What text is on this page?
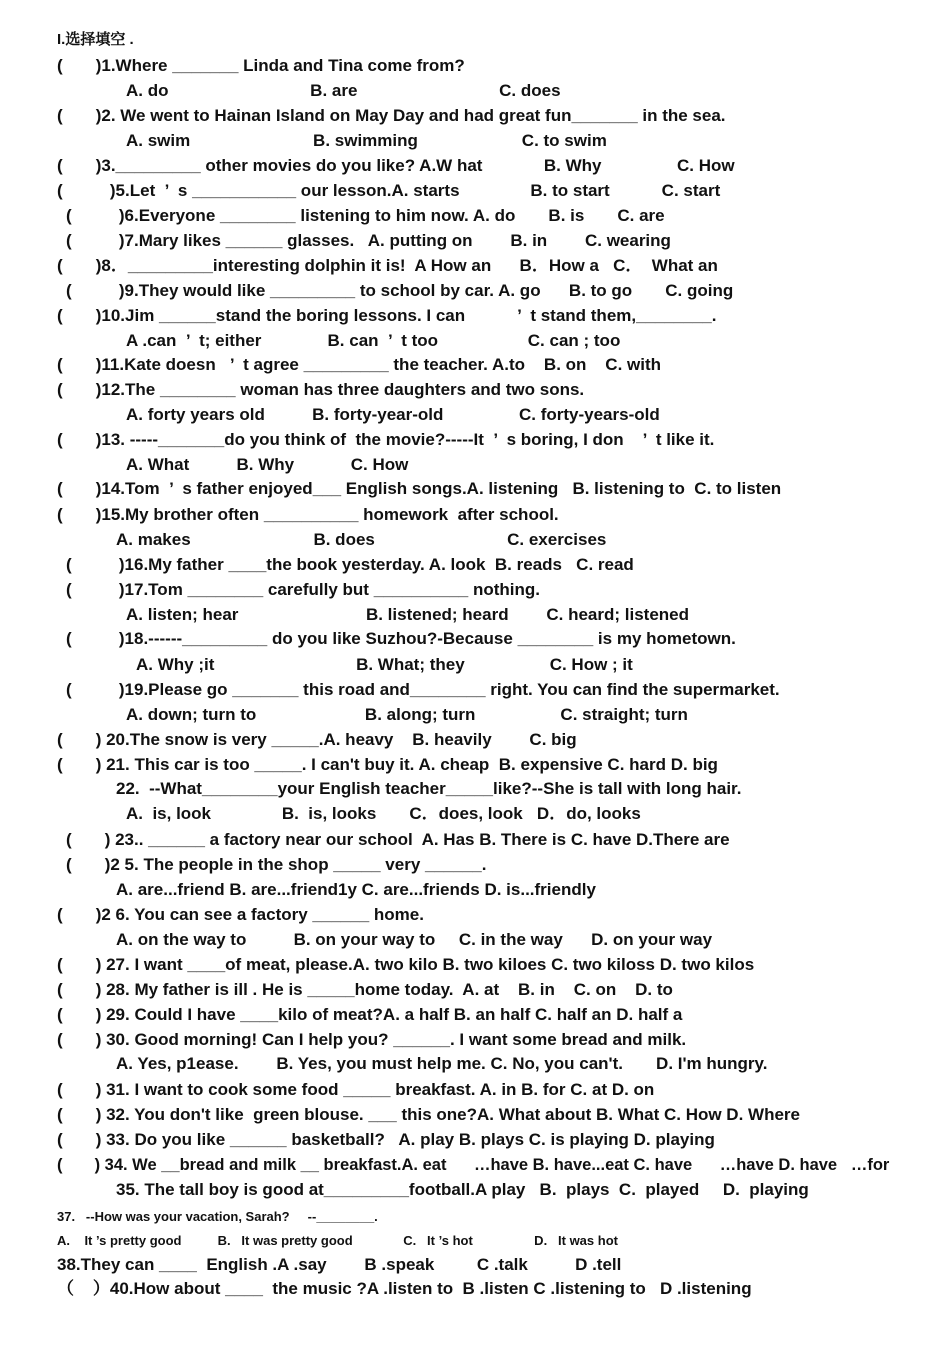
I.选择填空 .
(       )1.Where _______ Linda and Tina come from?
A. do                              B. are                              C. does
(       )2. We went to Hainan Island on May Day and had great fun_______ in the sea.
A. swim                          B. swimming                      C. to swim
(       )3._________ other movies do you like? A.W hat             B. Why                C. How
(          )5.Let  ’  s ___________ our lesson.A. starts               B. to start           C. start
(          )6.Everyone ________ listening to him now. A. do       B. is       C. are
(          )7.Mary likes ______ glasses.   A. putting on        B. in        C. wearing
(       )8．_________interesting dolphin it is!  A How an      B．How a   C．  What an
(          )9.They would like _________ to school by car. A. go      B. to go       C. going
(       )10.Jim ______stand the boring lessons. I can           ’  t stand them,________.
A .can  ’  t; either              B. can  ’  t too                   C. can ; too
(       )11.Kate doesn   ’  t agree _________ the teacher. A.to    B. on    C. with
(       )12.The ________ woman has three daughters and two sons.
A. forty years old          B. forty-year-old                C. forty-years-old
(       )13. -----_______do you think of  the movie?-----It  ’  s boring, I don    ’  t like it.
A. What          B. Why            C. How
(       )14.Tom  ’  s father enjoyed___ English songs.A. listening   B. listening to  C. to listen
(       )15.My brother often __________ homework  after school.
A. makes                          B. does                            C. exercises
(          )16.My father ____the book yesterday. A. look  B. reads   C. read
(          )17.Tom ________ carefully but __________ nothing.
A. listen; hear                           B. listened; heard        C. heard; listened
(          )18.------_________ do you like Suzhou?-Because ________ is my hometown.
A. Why ;it                              B. What; they                  C. How ; it
(          )19.Please go _______ this road and________ right. You can find the supermarket.
A. down; turn to                       B. along; turn                  C. straight; turn
(       ) 20.The snow is very _____.A. heavy    B. heavily        C. big
(       ) 21. This car is too _____. I can't buy it. A. cheap  B. expensive C. hard D. big
22.  --What________your English teacher_____like?--She is tall with long hair.
A.  is, look               B.  is, looks       C．does, look   D．do, looks
(       ) 23.. ______ a factory near our school  A. Has B. There is C. have D.There are
(       )2 5. The people in the shop _____ very ______.
A. are...friend B. are...friend1y C. are...friends D. is...friendly
(       )2 6. You can see a factory ______ home.
A. on the way to          B. on your way to     C. in the way      D. on your way
(       ) 27. I want ____of meat, please.A. two kilo B. two kiloes C. two kiloss D. two kilos
(       ) 28. My father is ill . He is _____home today.  A. at    B. in    C. on    D. to
(       ) 29. Could I have ____kilo of meat?A. a half B. an half C. half an D. half a
(       ) 30. Good morning! Can I help you? ______. I want some bread and milk.
A. Yes, p1ease.        B. Yes, you must help me. C. No, you can't.       D. I'm hungry.
(       ) 31. I want to cook some food _____ breakfast. A. in B. for C. at D. on
(       ) 32. You don't like  green blouse. ___ this one?A. What about B. What C. How D. Where
(       ) 33. Do you like ______ basketball?   A. play B. plays C. is playing D. playing
(       ) 34. We __bread and milk __ breakfast.A. eat      …have B. have...eat C. have      …have D. have   …for
35. The tall boy is good at_________football.A play   B.  plays  C.  played     D.  playing
37.   --How was your vacation, Sarah?     --________.
A.    It ’s pretty good          B.   It was pretty good              C.   It ’s hot                 D.   It was hot
38.They can ____  English .A .say        B .speak         C .talk          D .tell
（    ）40.How about ____  the music ?A .listen to  B .listen C .listening to   D .listening
